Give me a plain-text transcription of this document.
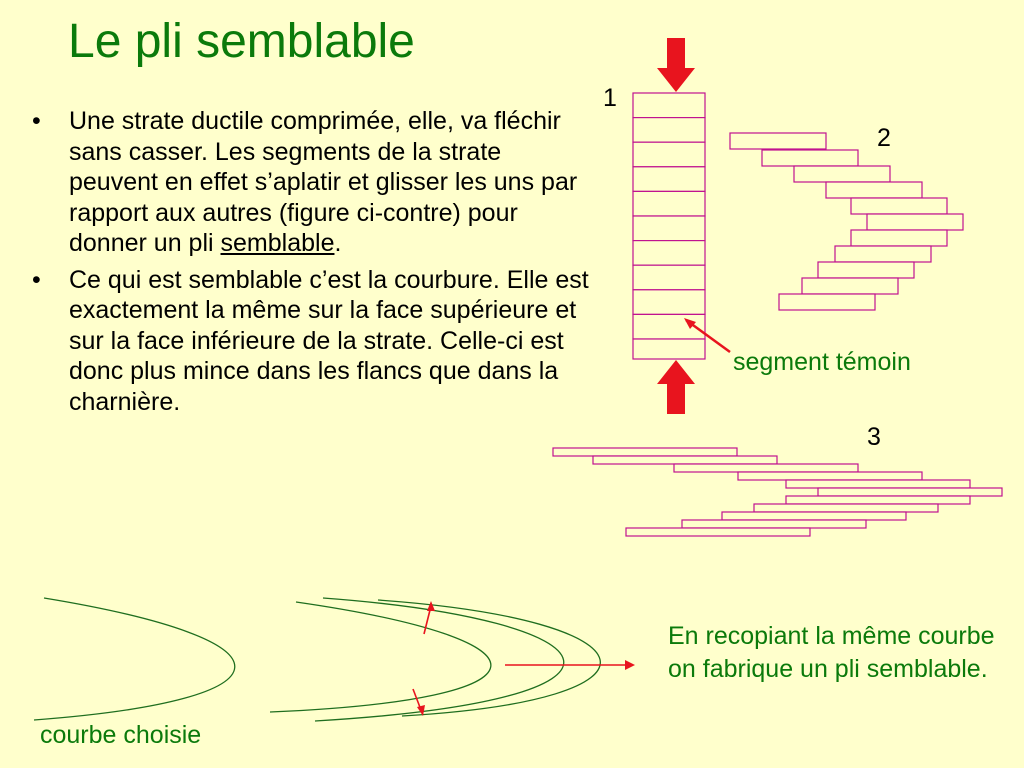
Le pli semblable
• Une strate ductile comprimée, elle, va fléchir sans casser. Les segments de la strate peuvent en effet s’aplatir et glisser les uns par rapport aux autres (figure ci-contre) pour donner un pli semblable.
• Ce qui est semblable c’est la courbure. Elle est exactement la même sur la face supérieure et sur la face inférieure de la strate. Celle-ci est donc plus mince dans les flancs que dans la charnière.
1
2
3
segment témoin
courbe choisie
En recopiant la même courbe on fabrique un pli semblable.
